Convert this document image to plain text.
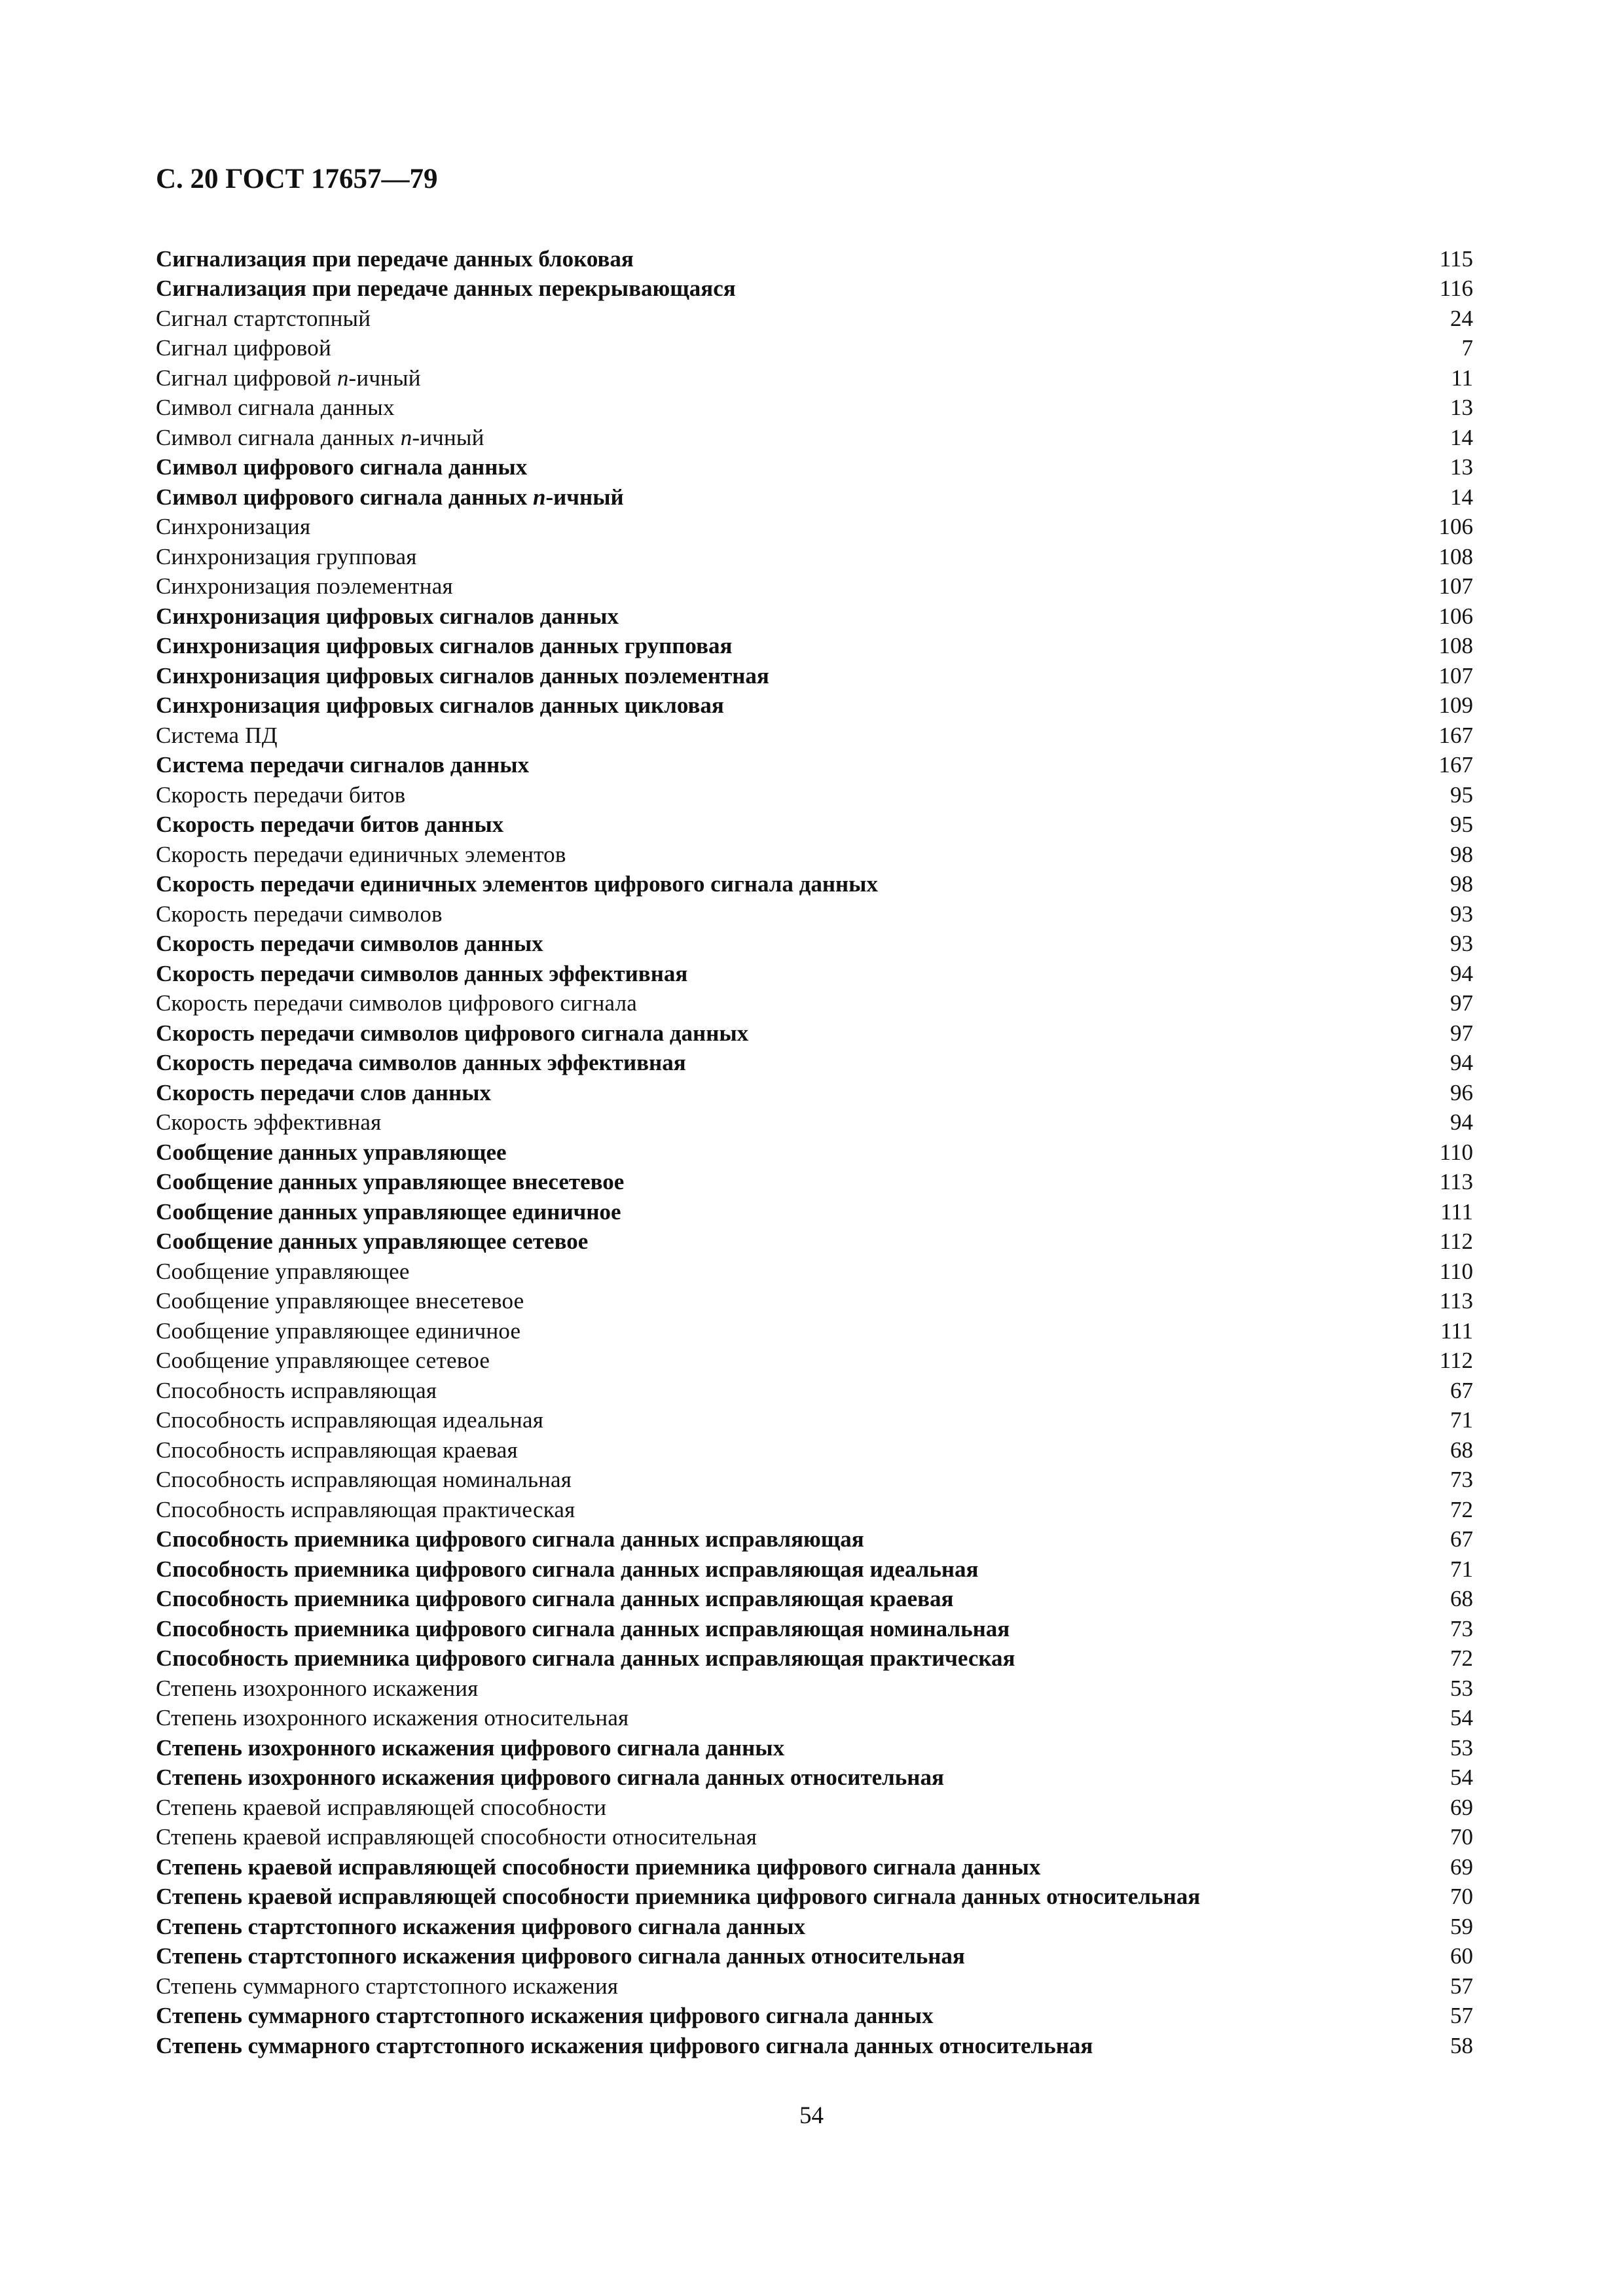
С. 20 ГОСТ 17657—79
Сигнализация при передаче данных блоковая	115
Сигнализация при передаче данных перекрывающаяся	116
Сигнал стартстопный	24
Сигнал цифровой	7
Сигнал цифровой n-ичный	11
Символ сигнала данных	13
Символ сигнала данных n-ичный	14
Символ цифрового сигнала данных	13
Символ цифрового сигнала данных n-ичный	14
Синхронизация	106
Синхронизация групповая	108
Синхронизация поэлементная	107
Синхронизация цифровых сигналов данных	106
Синхронизация цифровых сигналов данных групповая	108
Синхронизация цифровых сигналов данных поэлементная	107
Синхронизация цифровых сигналов данных цикловая	109
Система ПД	167
Система передачи сигналов данных	167
Скорость передачи битов	95
Скорость передачи битов данных	95
Скорость передачи единичных элементов	98
Скорость передачи единичных элементов цифрового сигнала данных	98
Скорость передачи символов	93
Скорость передачи символов данных	93
Скорость передачи символов данных эффективная	94
Скорость передачи символов цифрового сигнала	97
Скорость передачи символов цифрового сигнала данных	97
Скорость передача символов данных эффективная	94
Скорость передачи слов данных	96
Скорость эффективная	94
Сообщение данных управляющее	110
Сообщение данных управляющее внесетевое	113
Сообщение данных управляющее единичное	111
Сообщение данных управляющее сетевое	112
Сообщение управляющее	110
Сообщение управляющее внесетевое	113
Сообщение управляющее единичное	111
Сообщение управляющее сетевое	112
Способность исправляющая	67
Способность исправляющая идеальная	71
Способность исправляющая краевая	68
Способность исправляющая номинальная	73
Способность исправляющая практическая	72
Способность приемника цифрового сигнала данных исправляющая	67
Способность приемника цифрового сигнала данных исправляющая идеальная	71
Способность приемника цифрового сигнала данных исправляющая краевая	68
Способность приемника цифрового сигнала данных исправляющая номинальная	73
Способность приемника цифрового сигнала данных исправляющая практическая	72
Степень изохронного искажения	53
Степень изохронного искажения относительная	54
Степень изохронного искажения цифрового сигнала данных	53
Степень изохронного искажения цифрового сигнала данных относительная	54
Степень краевой исправляющей способности	69
Степень краевой исправляющей способности относительная	70
Степень краевой исправляющей способности приемника цифрового сигнала данных	69
Степень краевой исправляющей способности приемника цифрового сигнала данных относительная	70
Степень стартстопного искажения цифрового сигнала данных	59
Степень стартстопного искажения цифрового сигнала данных относительная	60
Степень суммарного стартстопного искажения	57
Степень суммарного стартстопного искажения цифрового сигнала данных	57
Степень суммарного стартстопного искажения цифрового сигнала данных относительная	58
54
